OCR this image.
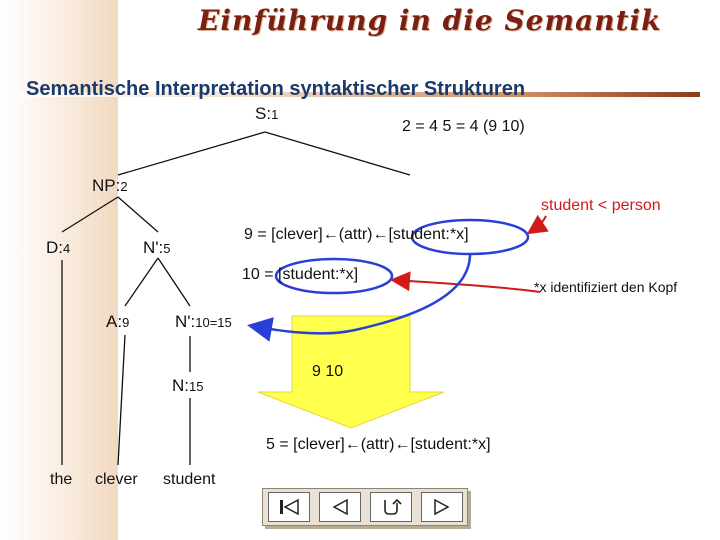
Einführung in die Semantik
Semantische Interpretation syntaktischer Strukturen
S:1
NP:2
D:4	N':5
A:9	N':10=15
N:15
the clever student
2 = 4 5 = 4 (9 10)
student < person
9 = [clever]←(attr)←[student:*x]
10 = [student:*x]
*x identifiziert den Kopf
9 10
5 = [clever]←(attr)←[student:*x]
